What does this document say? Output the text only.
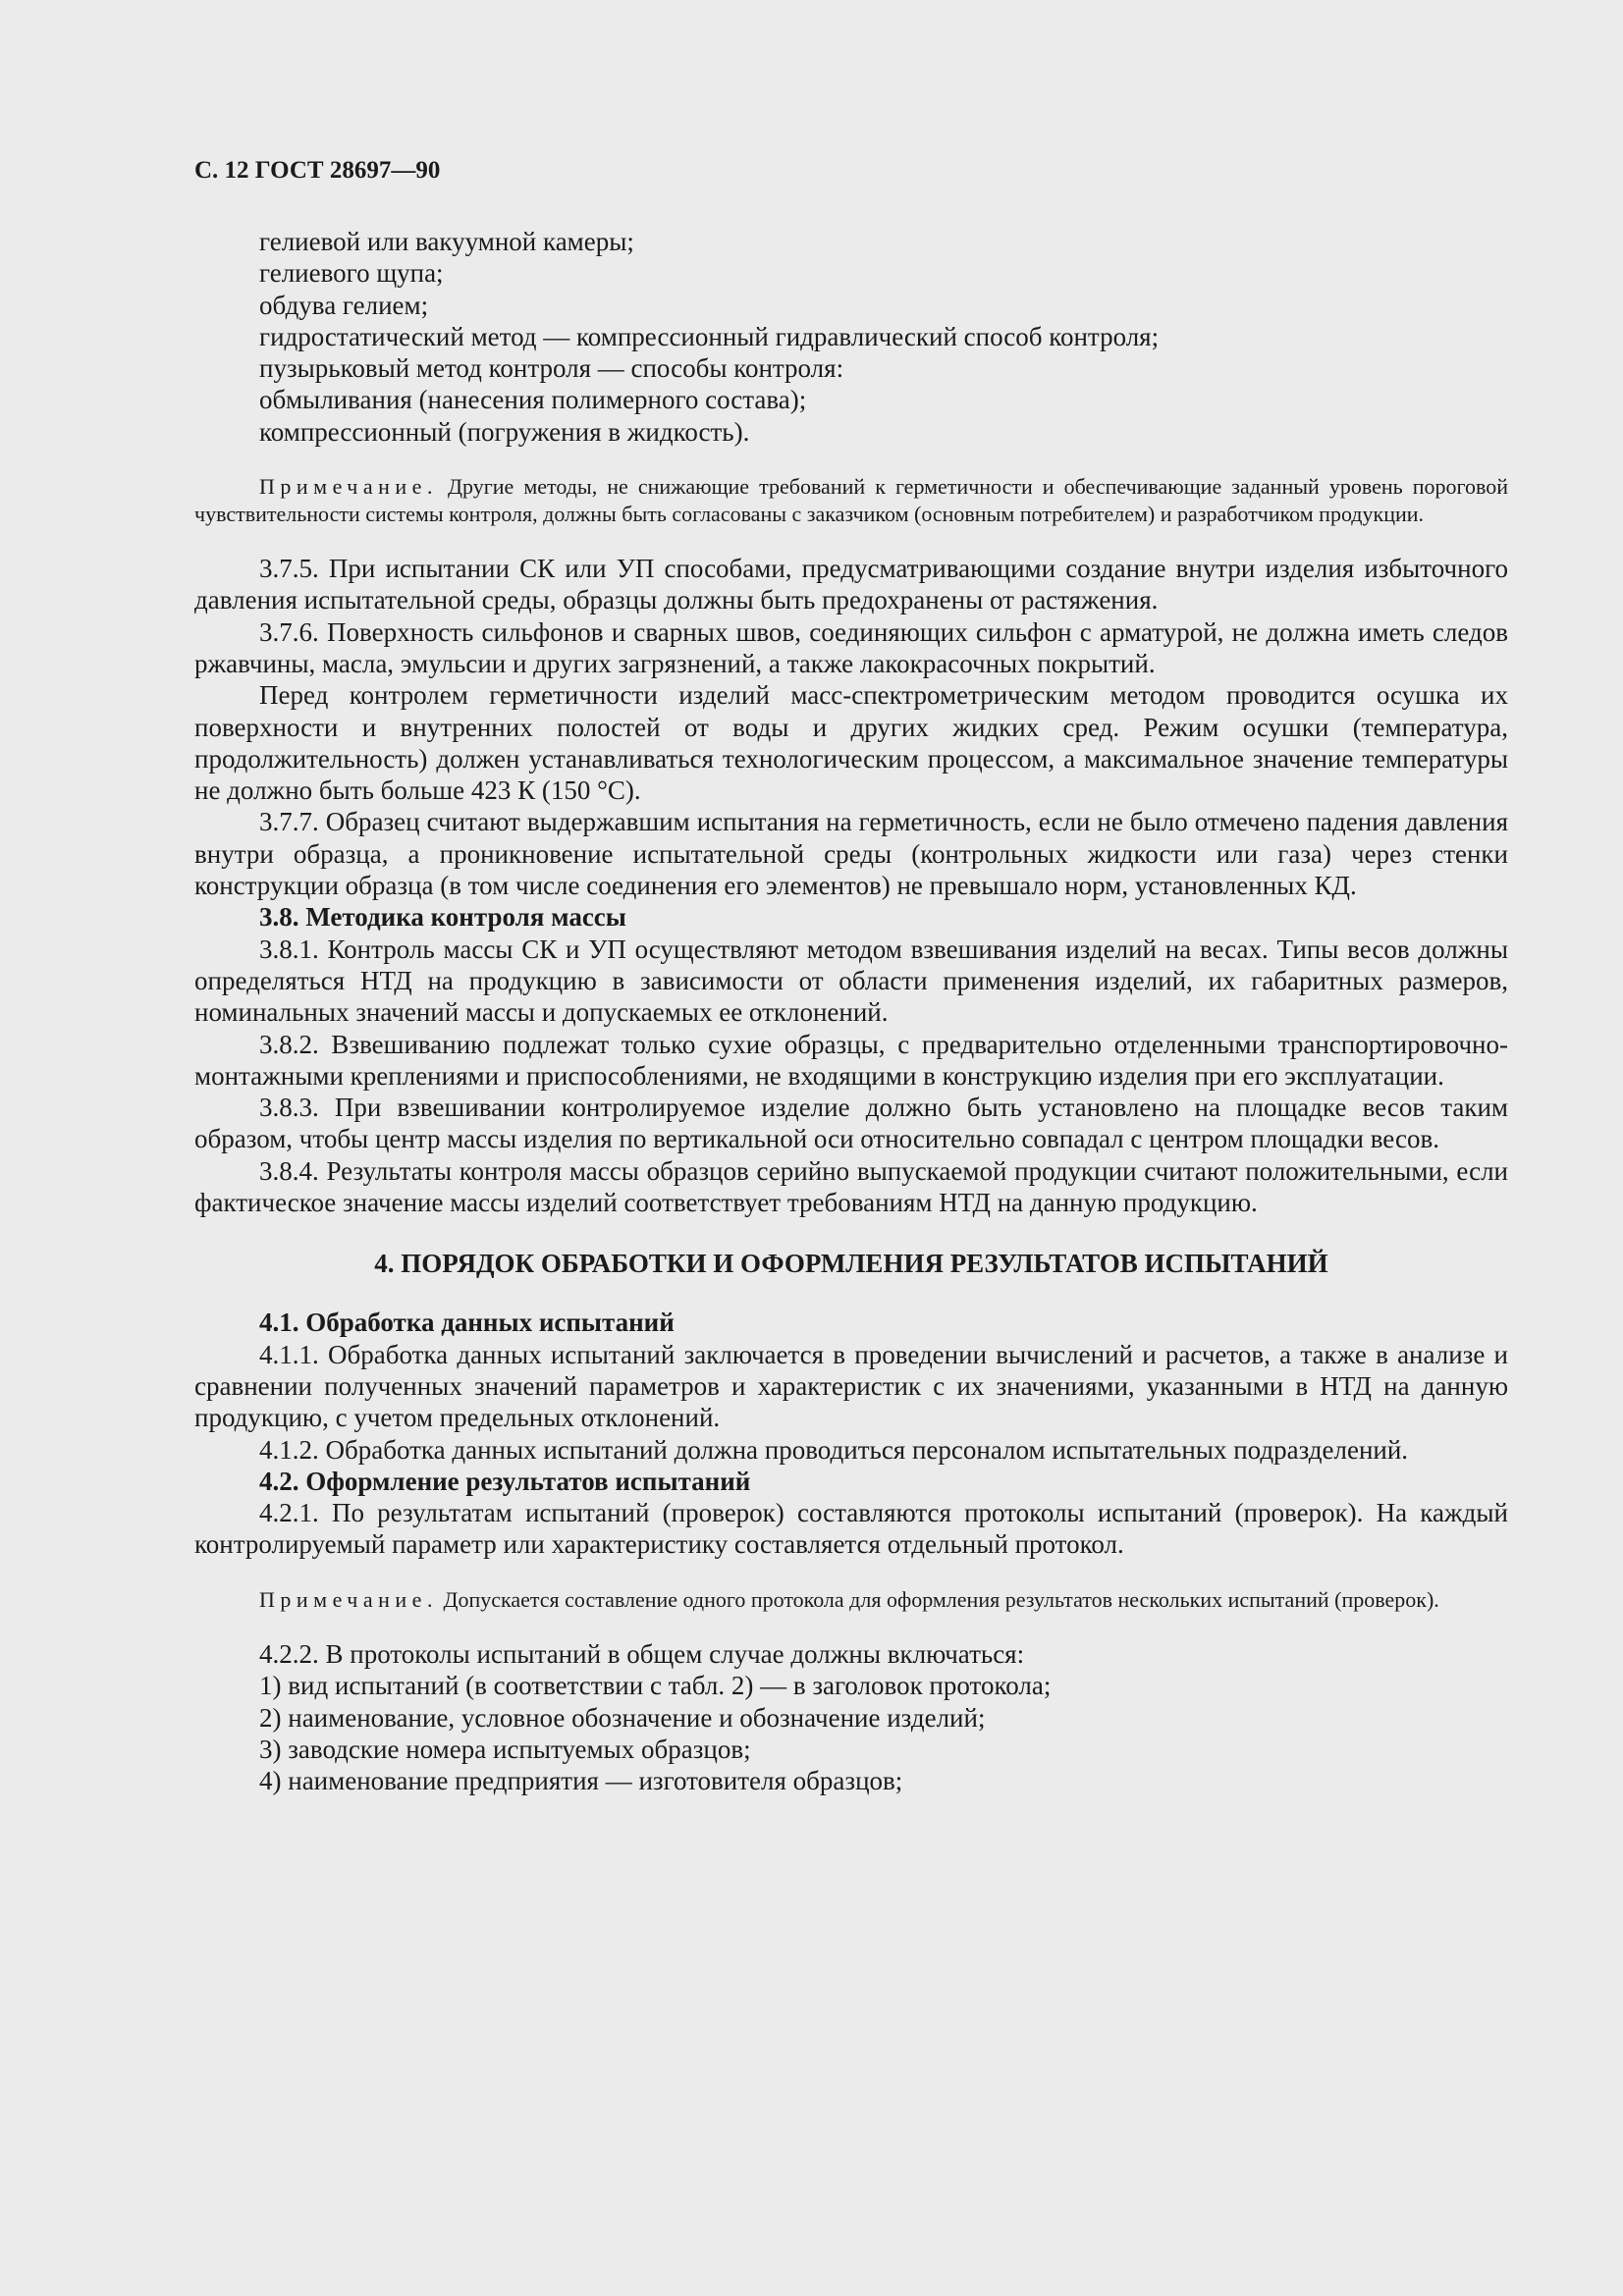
С. 12 ГОСТ 28697—90

гелиевой или вакуумной камеры;

гелиевого щупа;

обдува гелием;

гидростатический метод — компрессионный гидравлический способ контроля;

пузырьковый метод контроля — способы контроля:

обмыливания (нанесения полимерного состава);

компрессионный (погружения в жидкость).

Примечание. Другие методы, не снижающие требований к герметичности и обеспечивающие заданный уровень пороговой чувствительности системы контроля, должны быть согласованы с заказчиком (основным потребителем) и разработчиком продукции.

3.7.5. При испытании СК или УП способами, предусматривающими создание внутри изделия избыточного давления испытательной среды, образцы должны быть предохранены от растяжения.

3.7.6. Поверхность сильфонов и сварных швов, соединяющих сильфон с арматурой, не должна иметь следов ржавчины, масла, эмульсии и других загрязнений, а также лакокрасочных покрытий.

Перед контролем герметичности изделий масс-спектрометрическим методом проводится осушка их поверхности и внутренних полостей от воды и других жидких сред. Режим осушки (температура, продолжительность) должен устанавливаться технологическим процессом, а максимальное значение температуры не должно быть больше 423 К (150 °С).

3.7.7. Образец считают выдержавшим испытания на герметичность, если не было отмечено падения давления внутри образца, а проникновение испытательной среды (контрольных жидкости или газа) через стенки конструкции образца (в том числе соединения его элементов) не превышало норм, установленных КД.

3.8. Методика контроля массы

3.8.1. Контроль массы СК и УП осуществляют методом взвешивания изделий на весах. Типы весов должны определяться НТД на продукцию в зависимости от области применения изделий, их габаритных размеров, номинальных значений массы и допускаемых ее отклонений.

3.8.2. Взвешиванию подлежат только сухие образцы, с предварительно отделенными транспортировочно-монтажными креплениями и приспособлениями, не входящими в конструкцию изделия при его эксплуатации.

3.8.3. При взвешивании контролируемое изделие должно быть установлено на площадке весов таким образом, чтобы центр массы изделия по вертикальной оси относительно совпадал с центром площадки весов.

3.8.4. Результаты контроля массы образцов серийно выпускаемой продукции считают положительными, если фактическое значение массы изделий соответствует требованиям НТД на данную продукцию.

4. ПОРЯДОК ОБРАБОТКИ И ОФОРМЛЕНИЯ РЕЗУЛЬТАТОВ ИСПЫТАНИЙ

4.1. Обработка данных испытаний

4.1.1. Обработка данных испытаний заключается в проведении вычислений и расчетов, а также в анализе и сравнении полученных значений параметров и характеристик с их значениями, указанными в НТД на данную продукцию, с учетом предельных отклонений.

4.1.2. Обработка данных испытаний должна проводиться персоналом испытательных подразделений.

4.2. Оформление результатов испытаний

4.2.1. По результатам испытаний (проверок) составляются протоколы испытаний (проверок). На каждый контролируемый параметр или характеристику составляется отдельный протокол.

Примечание. Допускается составление одного протокола для оформления результатов нескольких испытаний (проверок).

4.2.2. В протоколы испытаний в общем случае должны включаться:

1) вид испытаний (в соответствии с табл. 2) — в заголовок протокола;

2) наименование, условное обозначение и обозначение изделий;

3) заводские номера испытуемых образцов;

4) наименование предприятия — изготовителя образцов;
